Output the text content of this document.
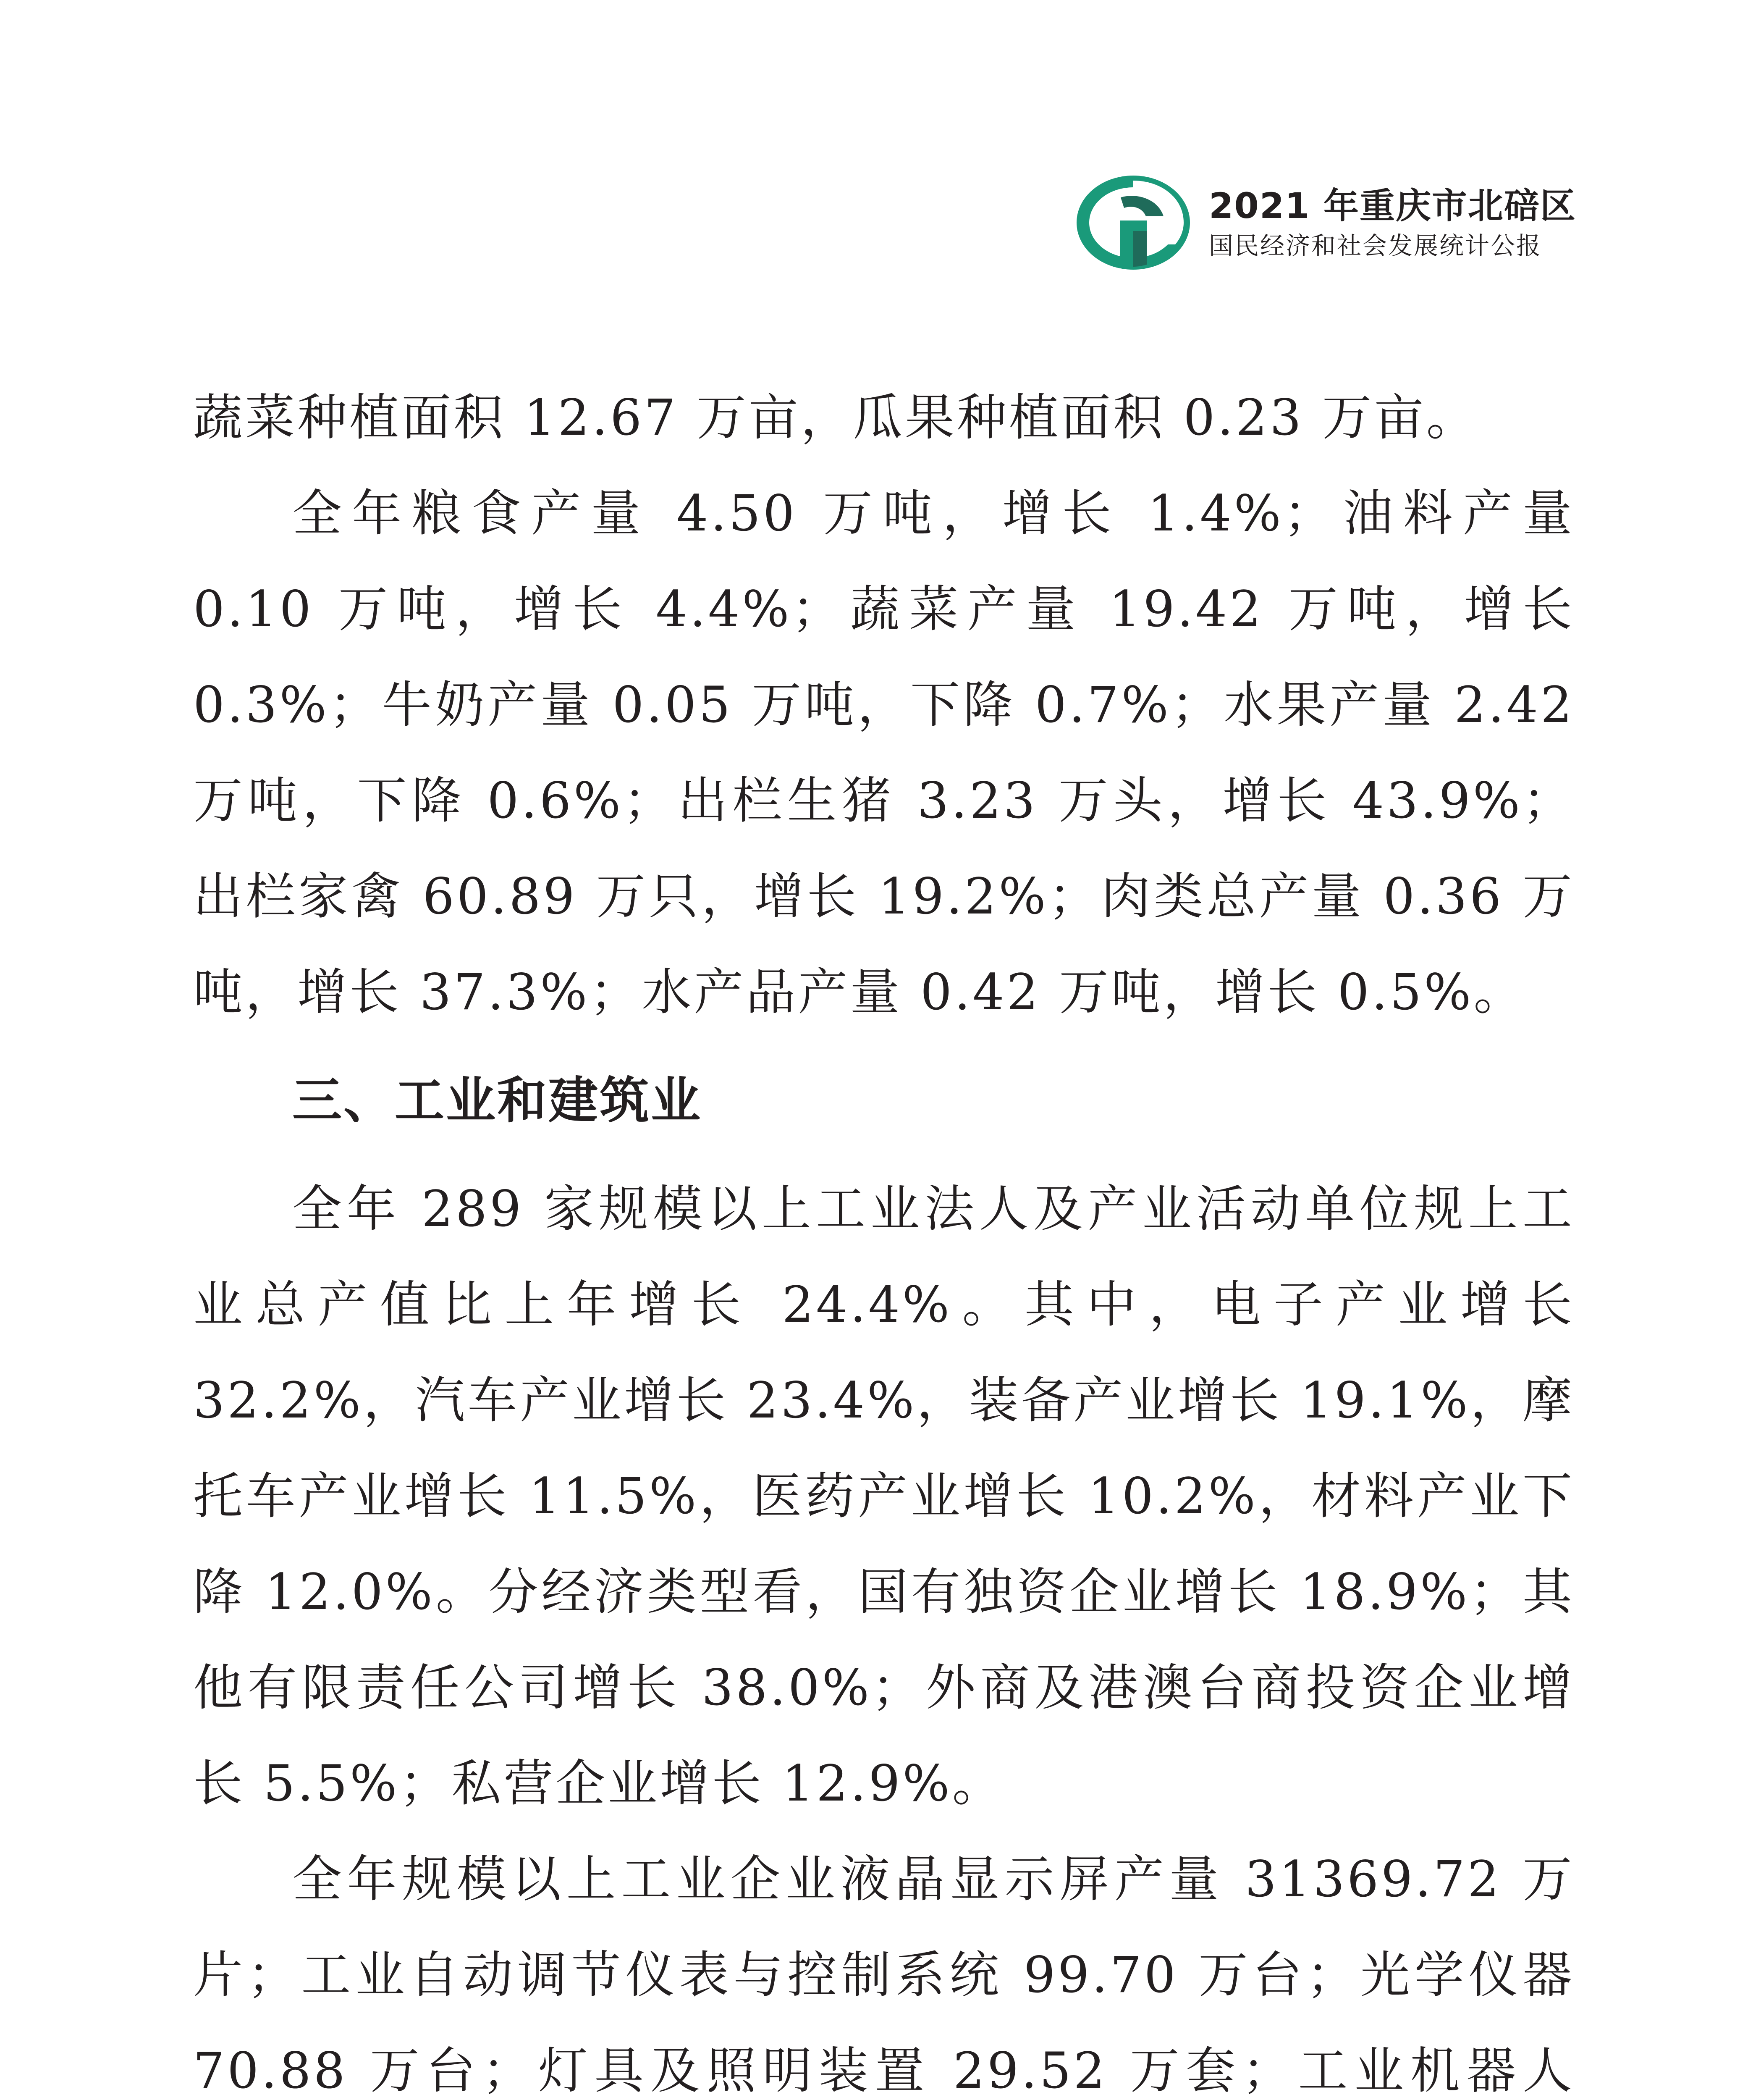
2021 年重庆市北碚区
国民经济和社会发展统计公报

蔬菜种植面积 12.67 万亩，瓜果种植面积 0.23 万亩。

全年粮食产量 4.50 万吨，增长 1.4%；油料产量 0.10 万吨，增长 4.4%；蔬菜产量 19.42 万吨，增长 0.3%；牛奶产量 0.05 万吨，下降 0.7%；水果产量 2.42 万吨，下降 0.6%；出栏生猪 3.23 万头，增长 43.9%；出栏家禽 60.89 万只，增长 19.2%；肉类总产量 0.36 万吨，增长 37.3%；水产品产量 0.42 万吨，增长 0.5%。

三、工业和建筑业

全年 289 家规模以上工业法人及产业活动单位规上工业总产值比上年增长 24.4%。其中，电子产业增长 32.2%，汽车产业增长 23.4%，装备产业增长 19.1%，摩托车产业增长 11.5%，医药产业增长 10.2%，材料产业下降 12.0%。分经济类型看，国有独资企业增长 18.9%；其他有限责任公司增长 38.0%；外商及港澳台商投资企业增长 5.5%；私营企业增长 12.9%。

全年规模以上工业企业液晶显示屏产量 31369.72 万片；工业自动调节仪表与控制系统 99.70 万台；光学仪器 70.88 万台；灯具及照明装置 29.52 万套；工业机器人
